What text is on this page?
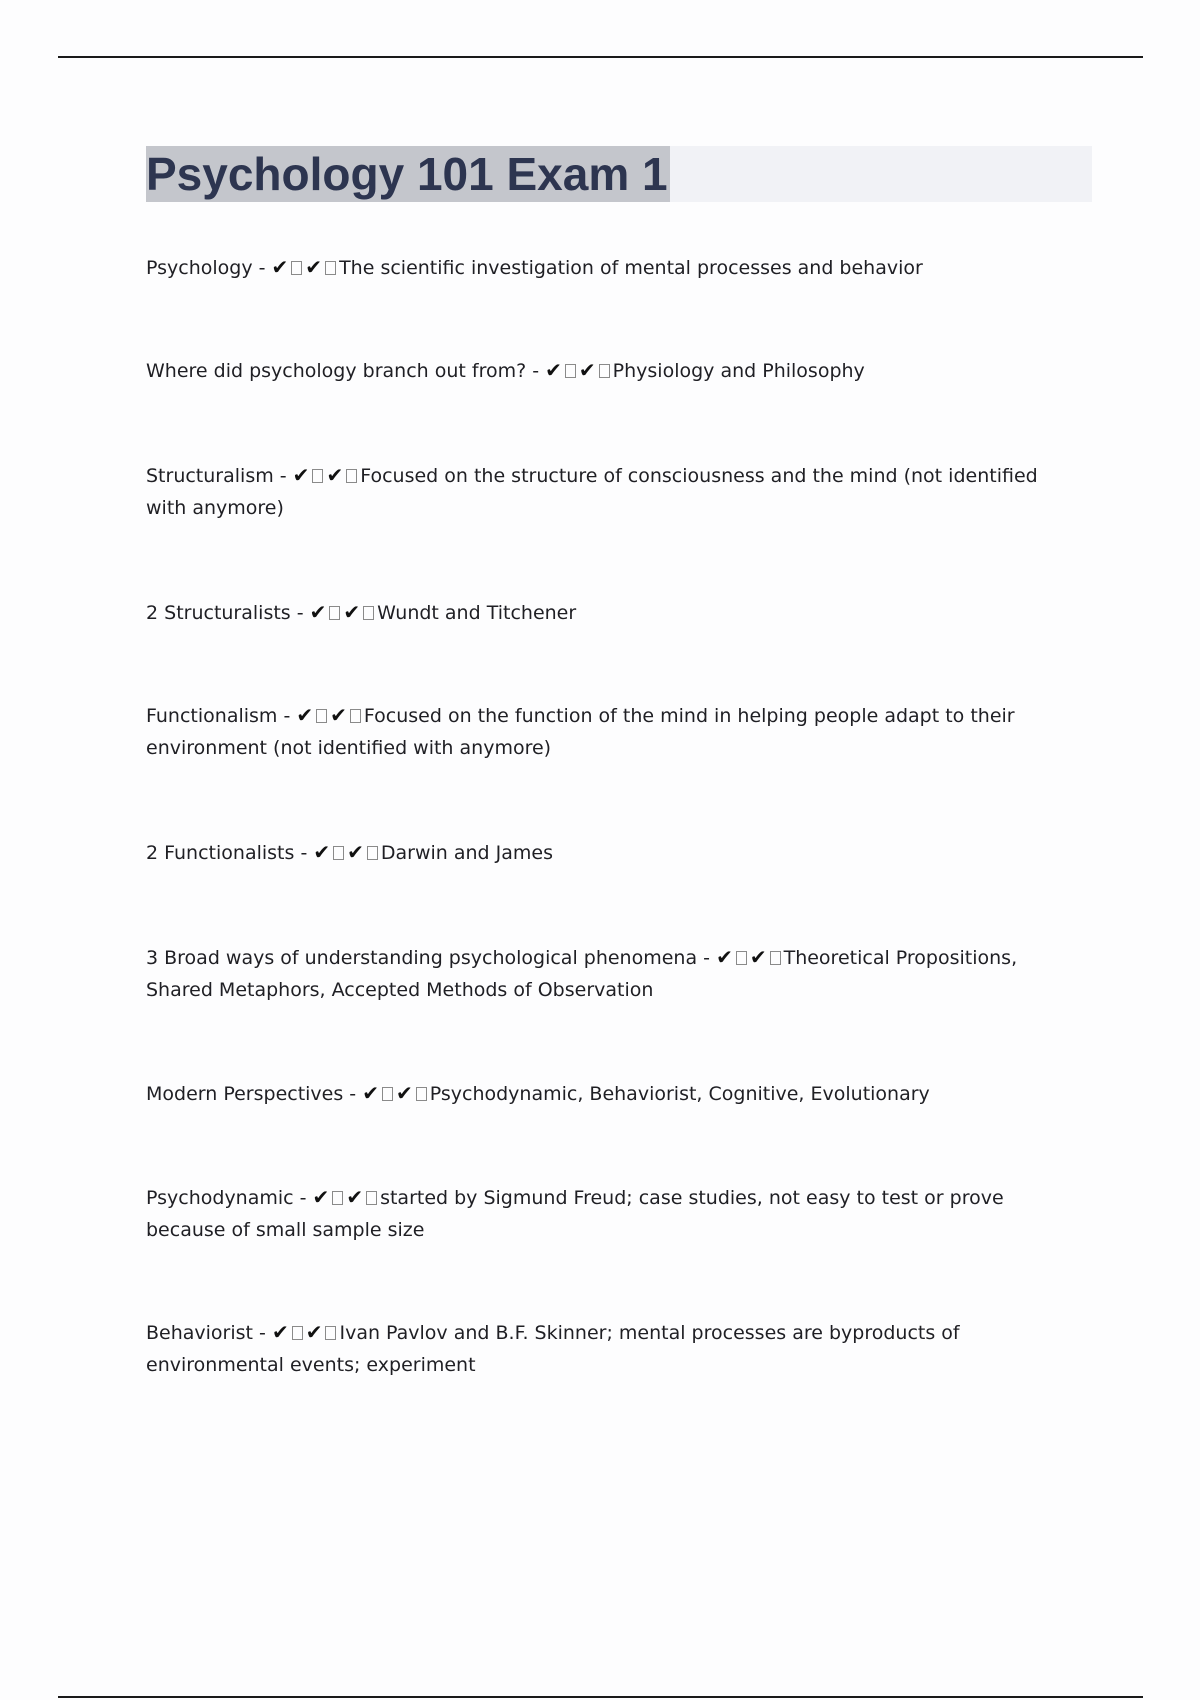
Psychology 101 Exam 1
Psychology - ✔ ✔ The scientific investigation of mental processes and behavior
Where did psychology branch out from? - ✔ ✔ Physiology and Philosophy
Structuralism - ✔ ✔ Focused on the structure of consciousness and the mind (not identified with anymore)
2 Structuralists - ✔ ✔ Wundt and Titchener
Functionalism - ✔ ✔ Focused on the function of the mind in helping people adapt to their environment (not identified with anymore)
2 Functionalists - ✔ ✔ Darwin and James
3 Broad ways of understanding psychological phenomena - ✔ ✔ Theoretical Propositions, Shared Metaphors, Accepted Methods of Observation
Modern Perspectives - ✔ ✔ Psychodynamic, Behaviorist, Cognitive, Evolutionary
Psychodynamic - ✔ ✔ started by Sigmund Freud; case studies, not easy to test or prove because of small sample size
Behaviorist - ✔ ✔ Ivan Pavlov and B.F. Skinner; mental processes are byproducts of environmental events; experiment
